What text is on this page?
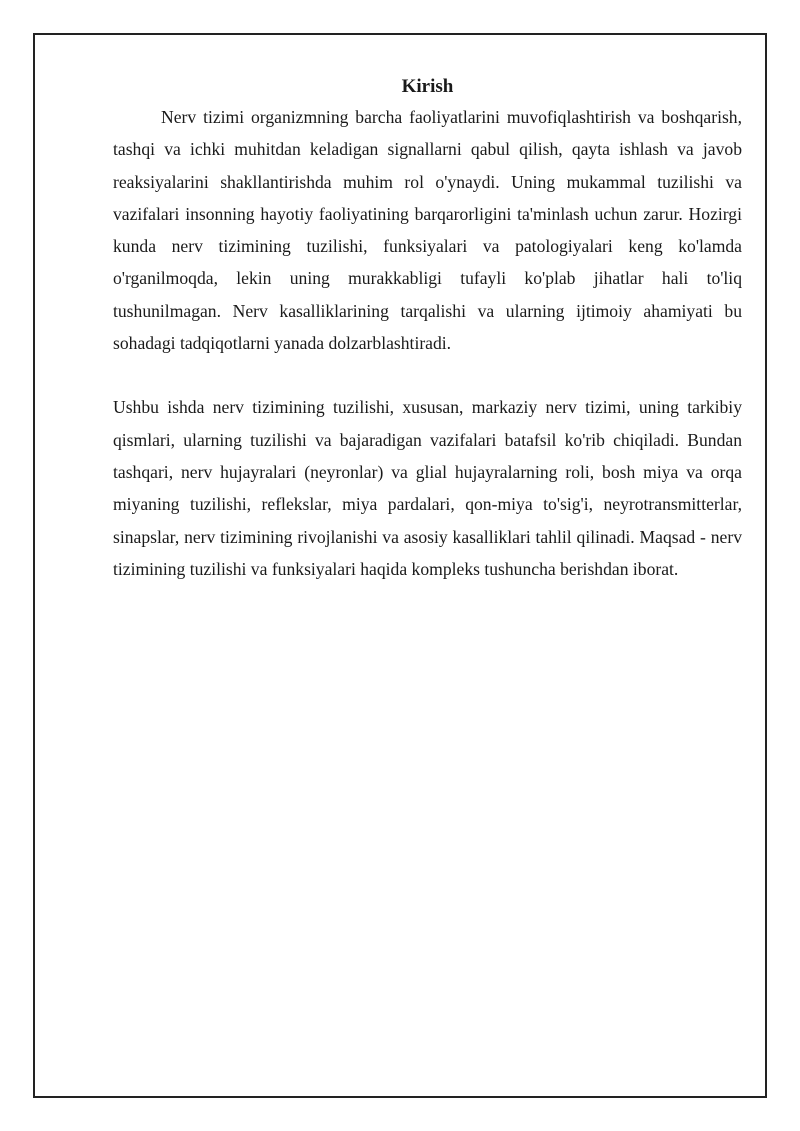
Kirish

Nerv tizimi organizmning barcha faoliyatlarini muvofiqlashtirish va boshqarish, tashqi va ichki muhitdan keladigan signallarni qabul qilish, qayta ishlash va javob reaksiyalarini shakllantirishda muhim rol o'ynaydi. Uning mukammal tuzilishi va vazifalari insonning hayotiy faoliyatining barqarorligini ta'minlash uchun zarur. Hozirgi kunda nerv tizimining tuzilishi, funksiyalari va patologiyalari keng ko'lamda o'rganilmoqda, lekin uning murakkabligi tufayli ko'plab jihatlar hali to'liq tushunilmagan. Nerv kasalliklarining tarqalishi va ularning ijtimoiy ahamiyati bu sohadagi tadqiqotlarni yanada dolzarblashtiradi.

Ushbu ishda nerv tizimining tuzilishi, xususan, markaziy nerv tizimi, uning tarkibiy qismlari, ularning tuzilishi va bajaradigan vazifalari batafsil ko'rib chiqiladi. Bundan tashqari, nerv hujayralari (neyronlar) va glial hujayralarning roli, bosh miya va orqa miyaning tuzilishi, reflekslar, miya pardalari, qon-miya to'sig'i, neyrotransmitterlar, sinapslar, nerv tizimining rivojlanishi va asosiy kasalliklari tahlil qilinadi. Maqsad - nerv tizimining tuzilishi va funksiyalari haqida kompleks tushuncha berishdan iborat.
